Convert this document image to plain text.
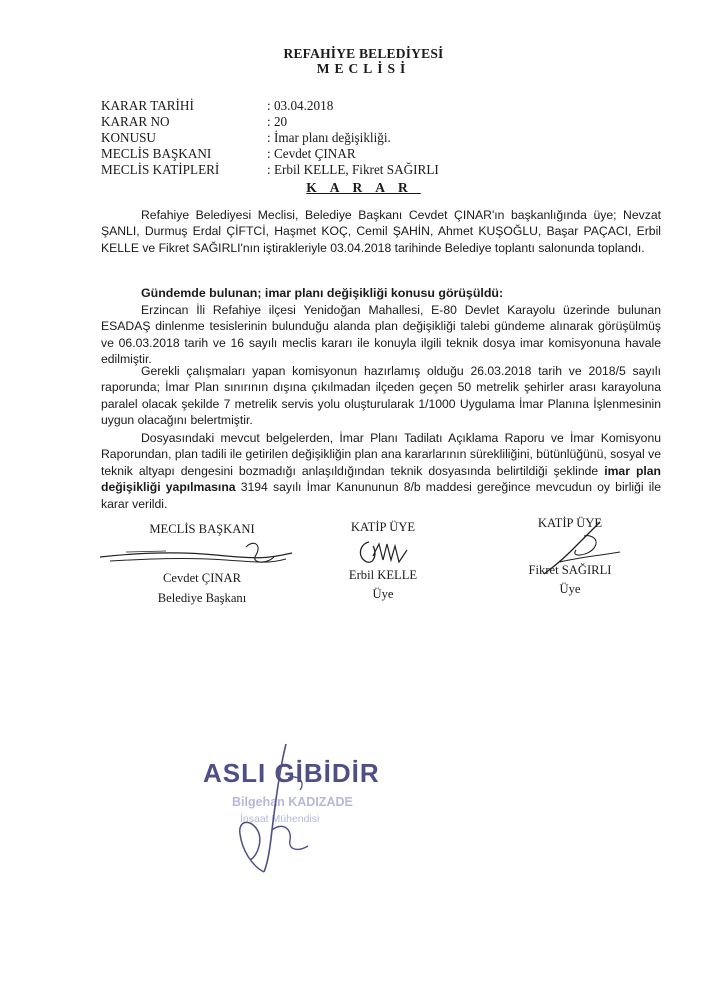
REFAHİYE BELEDİYESİ
MECLİSİ
KARAR TARİHİ	: 03.04.2018
KARAR NO	: 20
KONUSU	: İmar planı değişikliği.
MECLİS BAŞKANI	: Cevdet ÇINAR
MECLİS KATİPLERİ	: Erbil KELLE, Fikret SAĞIRLI
KARAR
Refahiye Belediyesi Meclisi, Belediye Başkanı Cevdet ÇINAR'ın başkanlığında üye; Nevzat ŞANLI, Durmuş Erdal ÇİFTCİ, Haşmet KOÇ, Cemil ŞAHİN, Ahmet KUŞOĞLU, Başar PAÇACI, Erbil KELLE ve Fikret SAĞIRLI'nın iştirakleriyle 03.04.2018 tarihinde Belediye toplantı salonunda toplandı.
Gündemde bulunan; imar planı değişikliği konusu görüşüldü:
Erzincan İli Refahiye ilçesi Yenidoğan Mahallesi, E-80 Devlet Karayolu üzerinde bulunan ESADAŞ dinlenme tesislerinin bulunduğu alanda plan değişikliği talebi gündeme alınarak görüşülmüş ve 06.03.2018 tarih ve 16 sayılı meclis kararı ile konuyla ilgili teknik dosya imar komisyonuna havale edilmiştir.
Gerekli çalışmaları yapan komisyonun hazırlamış olduğu 26.03.2018 tarih ve 2018/5 sayılı raporunda; İmar Plan sınırının dışına çıkılmadan ilçeden geçen 50 metrelik şehirler arası karayoluna paralel olacak şekilde 7 metrelik servis yolu oluşturularak 1/1000 Uygulama İmar Planına İşlenmesinin uygun olacağını belertmiştir.
Dosyasındaki mevcut belgelerden, İmar Planı Tadilatı Açıklama Raporu ve İmar Komisyonu Raporundan, plan tadili ile getirilen değişikliğin plan ana kararlarının sürekliliğini, bütünlüğünü, sosyal ve teknik altyapı dengesini bozmadığı anlaşıldığından teknik dosyasında belirtildiği şeklinde imar plan değişikliği yapılmasına 3194 sayılı İmar Kanununun 8/b maddesi gereğince mevcudun oy birliği ile karar verildi.
MECLİS BAŞKANI
Cevdet ÇINAR
Belediye Başkanı
KATİP ÜYE
Erbil KELLE
Üye
KATİP ÜYE
Fikret SAĞIRLI
Üye
ASLI GİBİDİR
Bilgehan KADIZADE
İnşaat Mühendisi
